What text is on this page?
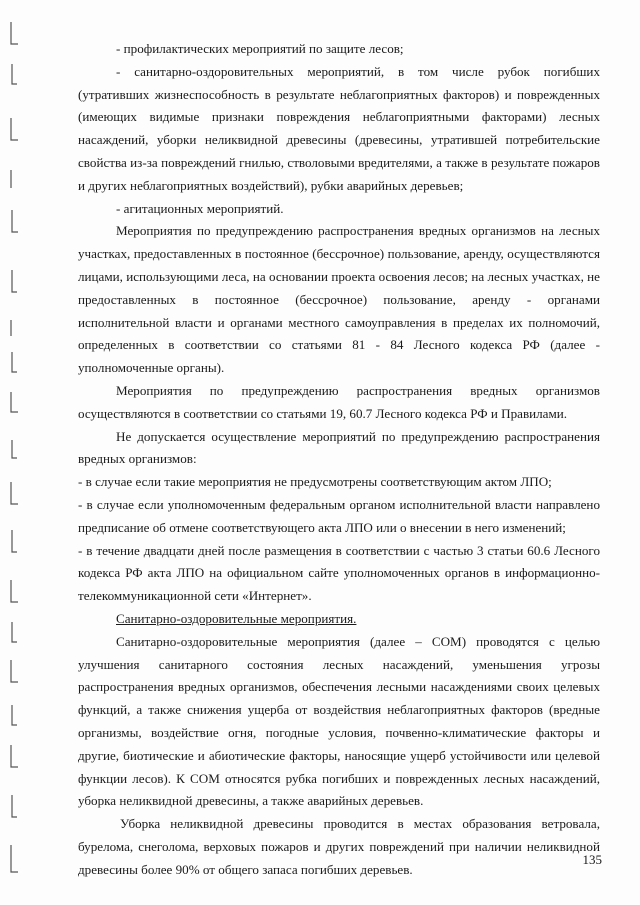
- профилактических мероприятий по защите лесов;

- санитарно-оздоровительных мероприятий, в том числе рубок погибших (утративших жизнеспособность в результате неблагоприятных факторов) и поврежденных (имеющих видимые признаки повреждения неблагоприятными факторами) лесных насаждений, уборки неликвидной древесины (древесины, утратившей потребительские свойства из-за повреждений гнилью, стволовыми вредителями, а также в результате пожаров и других неблагоприятных воздействий), рубки аварийных деревьев;

- агитационных мероприятий.

Мероприятия по предупреждению распространения вредных организмов на лесных участках, предоставленных в постоянное (бессрочное) пользование, аренду, осуществляются лицами, использующими леса, на основании проекта освоения лесов; на лесных участках, не предоставленных в постоянное (бессрочное) пользование, аренду - органами исполнительной власти и органами местного самоуправления в пределах их полномочий, определенных в соответствии со статьями 81 - 84 Лесного кодекса РФ (далее - уполномоченные органы).

Мероприятия по предупреждению распространения вредных организмов осуществляются в соответствии со статьями 19, 60.7 Лесного кодекса РФ и Правилами.

Не допускается осуществление мероприятий по предупреждению распространения вредных организмов:

- в случае если такие мероприятия не предусмотрены соответствующим актом ЛПО;

- в случае если уполномоченным федеральным органом исполнительной власти направлено предписание об отмене соответствующего акта ЛПО или о внесении в него изменений;

- в течение двадцати дней после размещения в соответствии с частью 3 статьи 60.6 Лесного кодекса РФ акта ЛПО на официальном сайте уполномоченных органов в информационно-телекоммуникационной сети «Интернет».

Санитарно-оздоровительные мероприятия.

Санитарно-оздоровительные мероприятия (далее – СОМ) проводятся с целью улучшения санитарного состояния лесных насаждений, уменьшения угрозы распространения вредных организмов, обеспечения лесными насаждениями своих целевых функций, а также снижения ущерба от воздействия неблагоприятных факторов (вредные организмы, воздействие огня, погодные условия, почвенно-климатические факторы и другие, биотические и абиотические факторы, наносящие ущерб устойчивости или целевой функции лесов). К СОМ относятся рубка погибших и поврежденных лесных насаждений, уборка неликвидной древесины, а также аварийных деревьев.

Уборка неликвидной древесины проводится в местах образования ветровала, бурелома, снеголома, верховых пожаров и других повреждений при наличии неликвидной древесины более 90% от общего запаса погибших деревьев.

135
